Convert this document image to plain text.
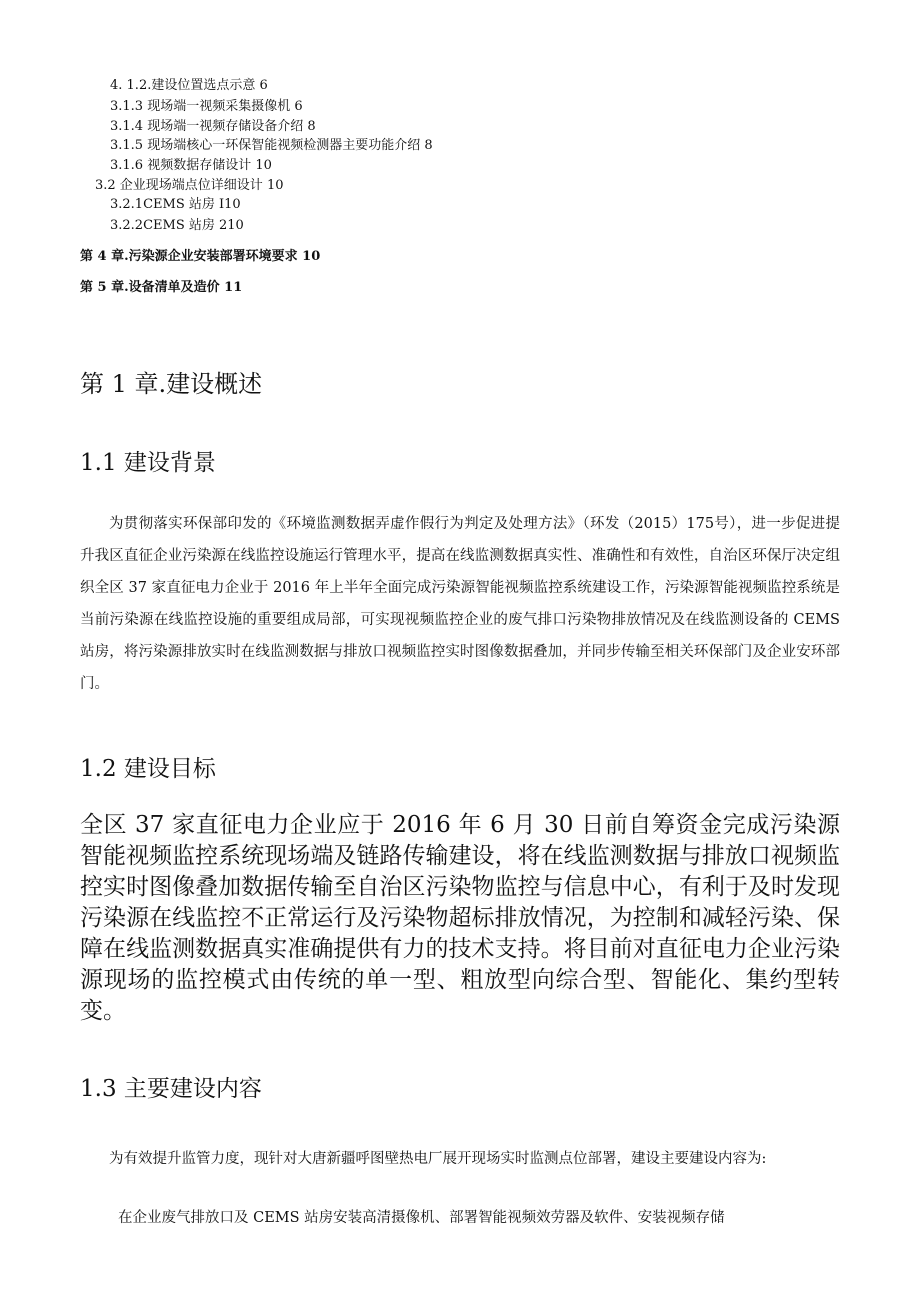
4. 1.2.建设位置选点示意 6
3.1.3 现场端一视频采集摄像机 6
3.1.4 现场端一视频存储设备介绍 8
3.1.5 现场端核心一环保智能视频检测器主要功能介绍 8
3.1.6 视频数据存储设计 10
3.2 企业现场端点位详细设计 10
3.2.1CEMS 站房 I10
3.2.2CEMS 站房 210
第 4 章.污染源企业安装部署环境要求 10
第 5 章.设备清单及造价 11
第 1 章.建设概述
1.1 建设背景
为贯彻落实环保部印发的《环境监测数据弄虚作假行为判定及处理方法》（环发（2015）175号），进一步促进提升我区直征企业污染源在线监控设施运行管理水平，提高在线监测数据真实性、准确性和有效性，自治区环保厅决定组织全区 37 家直征电力企业于 2016 年上半年全面完成污染源智能视频监控系统建设工作，污染源智能视频监控系统是当前污染源在线监控设施的重要组成局部，可实现视频监控企业的废气排口污染物排放情况及在线监测设备的 CEMS 站房，将污染源排放实时在线监测数据与排放口视频监控实时图像数据叠加，并同步传输至相关环保部门及企业安环部门。
1.2 建设目标
全区 37 家直征电力企业应于 2016 年 6 月 30 日前自筹资金完成污染源智能视频监控系统现场端及链路传输建设，将在线监测数据与排放口视频监控实时图像叠加数据传输至自治区污染物监控与信息中心，有利于及时发现污染源在线监控不正常运行及污染物超标排放情况，为控制和减轻污染、保障在线监测数据真实准确提供有力的技术支持。将目前对直征电力企业污染源现场的监控模式由传统的单一型、粗放型向综合型、智能化、集约型转变。
1.3 主要建设内容
为有效提升监管力度，现针对大唐新疆呼图壁热电厂展开现场实时监测点位部署，建设主要建设内容为:
在企业废气排放口及 CEMS 站房安装高清摄像机、部署智能视频效劳器及软件、安装视频存储
